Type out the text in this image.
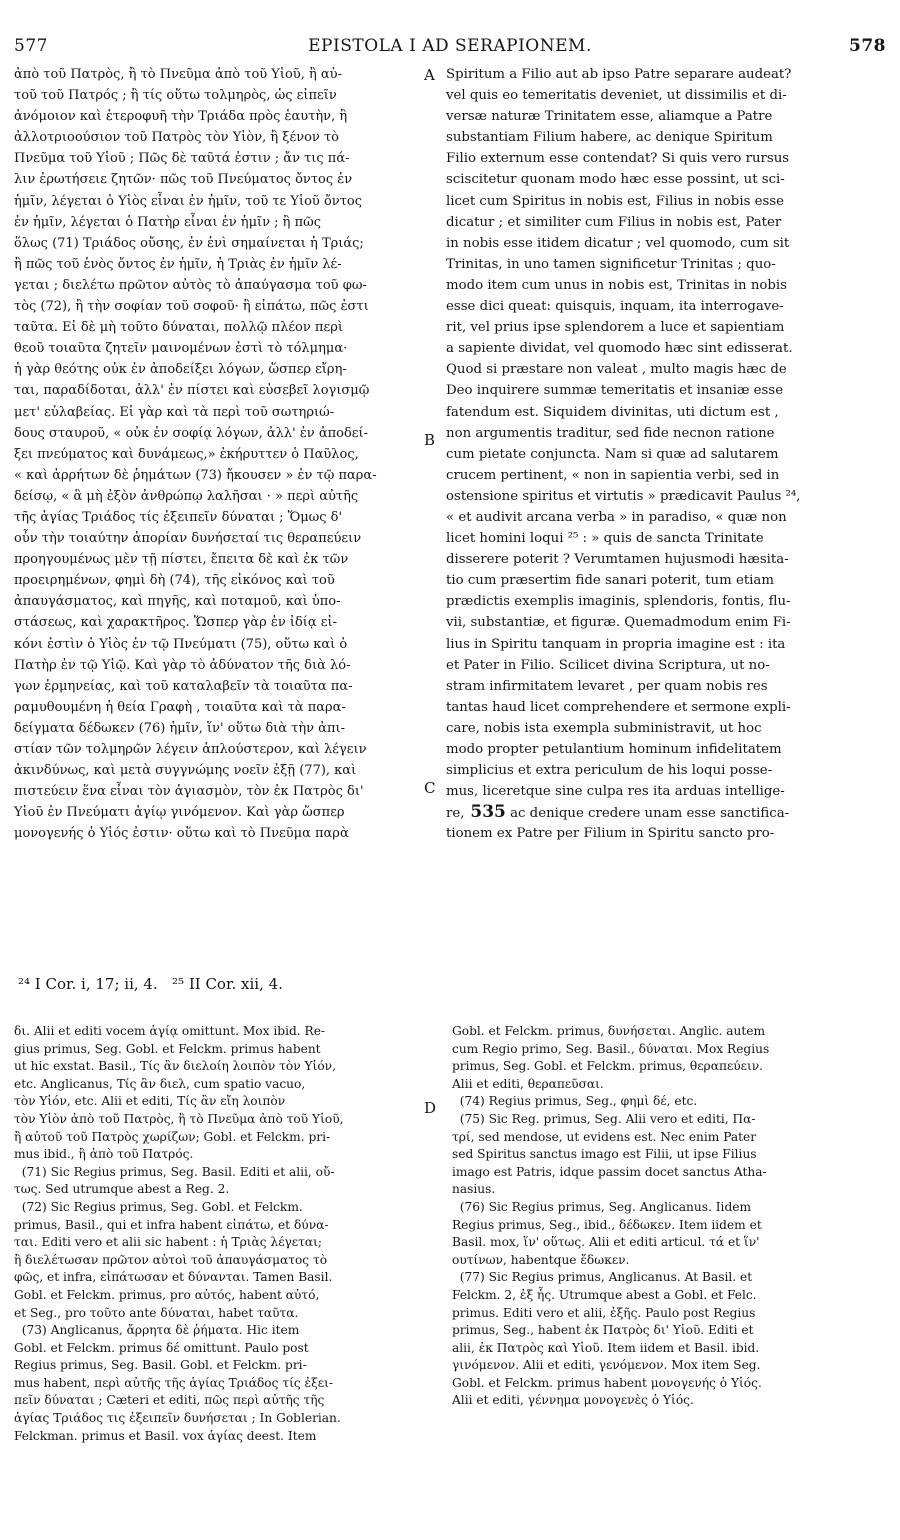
577	EPISTOLA I AD SERAPIONEM.	578
ἀπὸ τοῦ Πατρὸς, ἢ τὸ Πνεῦμα ἀπὸ τοῦ Υἱοῦ, ἢ αὐ-
τοῦ τοῦ Πατρός ; ἢ τίς οὕτω τολμηρὸς, ὡς εἰπεῖν
ἀνόμοιον καὶ ἑτεροφυῆ τὴν Τριάδα πρὸς ἑαυτὴν, ἢ
ἀλλοτριοούσιον τοῦ Πατρὸς τὸν Υἱὸν, ἢ ξένον τὸ
Πνεῦμα τοῦ Υἱοῦ ; Πῶς δὲ ταῦτά ἐστιν ; ἄν τις πά-
λιν ἐρωτήσειε ζητῶν· πῶς τοῦ Πνεύματος ὄντος ἐν
ἡμῖν, λέγεται ὁ Υἱὸς εἶναι ἐν ἡμῖν, τοῦ τε Υἱοῦ ὄντος
ἐν ἡμῖν, λέγεται ὁ Πατὴρ εἶναι ἐν ἡμῖν ; ἢ πῶς
ὅλως (71) Τριάδος οὔσης, ἐν ἑνὶ σημαίνεται ἡ Τριάς;
ἢ πῶς τοῦ ἑνὸς ὄντος ἐν ἡμῖν, ἡ Τριὰς ἐν ἡμῖν λέ-
γεται ; διελέτω πρῶτον αὐτὸς τὸ ἀπαύγασμα τοῦ φω-
τὸς (72), ἢ τὴν σοφίαν τοῦ σοφοῦ· ἢ εἰπάτω, πῶς ἐστι
ταῦτα. Εἰ δὲ μὴ τοῦτο δύναται, πολλῷ πλέον περὶ
θεοῦ τοιαῦτα ζητεῖν μαινομένων ἐστὶ τὸ τόλμημα·
ἡ γὰρ θεότης οὐκ ἐν ἀποδείξει λόγων, ὥσπερ εἴρη-
ται, παραδίδοται, ἀλλ' ἐν πίστει καὶ εὐσεβεῖ λογισμῷ
μετ' εὐλαβείας. Εἰ γὰρ καὶ τὰ περὶ τοῦ σωτηριώ-
δους σταυροῦ, « οὐκ ἐν σοφίᾳ λόγων, ἀλλ' ἐν ἀποδεί-
ξει πνεύματος καὶ δυνάμεως,» ἐκήρυττεν ὁ Παῦλος,
« καὶ ἀρρήτων δὲ ῥημάτων (73) ἤκουσεν » ἐν τῷ παρα-
δείσῳ, « ἃ μὴ ἐξὸν ἀνθρώπῳ λαλῆσαι · » περὶ αὐτῆς
τῆς ἁγίας Τριάδος τίς ἐξειπεῖν δύναται ; Ὅμως δ'
οὖν τὴν τοιαύτην ἀπορίαν δυνήσεταί τις θεραπεύειν
προηγουμένως μὲν τῇ πίστει, ἔπειτα δὲ καὶ ἐκ τῶν
προειρημένων, φημὶ δὴ (74), τῆς εἰκόνος καὶ τοῦ
ἀπαυγάσματος, καὶ πηγῆς, καὶ ποταμοῦ, καὶ ὑπο-
στάσεως, καὶ χαρακτῆρος. Ὥσπερ γὰρ ἐν ἰδίᾳ εἰ-
κόνι ἐστὶν ὁ Υἱὸς ἐν τῷ Πνεύματι (75), οὕτω καὶ ὁ
Πατὴρ ἐν τῷ Υἱῷ. Καὶ γὰρ τὸ ἀδύνατον τῆς διὰ λό-
γων ἑρμηνείας, καὶ τοῦ καταλαβεῖν τὰ τοιαῦτα πα-
ραμυθουμένη ἡ θεία Γραφὴ , τοιαῦτα καὶ τὰ παρα-
δείγματα δέδωκεν (76) ἡμῖν, ἵν' οὕτω διὰ τὴν ἀπι-
στίαν τῶν τολμηρῶν λέγειν ἁπλούστερον, καὶ λέγειν
ἀκινδύνως, καὶ μετὰ συγγνώμης νοεῖν ἐξῇ (77), καὶ
πιστεύειν ἕνα εἶναι τὸν ἁγιασμὸν, τὸν ἐκ Πατρὸς δι'
Υἱοῦ ἐν Πνεύματι ἁγίῳ γινόμενον. Καὶ γὰρ ὥσπερ
μονογενής ὁ Υἱός ἐστιν· οὕτω καὶ τὸ Πνεῦμα παρὰ
Spiritum a Filio aut ab ipso Patre separare audeat?
vel quis eo temeritatis deveniet, ut dissimilis et di-
versæ naturæ Trinitatem esse, aliamque a Patre
substantiam Filium habere, ac denique Spiritum
Filio externum esse contendat? Si quis vero rursus
sciscitetur quonam modo hæc esse possint, ut sci-
licet cum Spiritus in nobis est, Filius in nobis esse
dicatur ; et similiter cum Filius in nobis est, Pater
in nobis esse itidem dicatur ; vel quomodo, cum sit
Trinitas, in uno tamen significetur Trinitas ; quo-
modo item cum unus in nobis est, Trinitas in nobis
esse dici queat: quisquis, inquam, ita interrogave-
rit, vel prius ipse splendorem a luce et sapientiam
a sapiente dividat, vel quomodo hæc sint edisserat.
Quod si præstare non valeat , multo magis hæc de
Deo inquirere summæ temeritatis et insaniæ esse
fatendum est. Siquidem divinitas, uti dictum est ,
non argumentis traditur, sed fide necnon ratione
cum pietate conjuncta. Nam si quæ ad salutarem
crucem pertinent, « non in sapientia verbi, sed in
ostensione spiritus et virtutis » prædicavit Paulus ²⁴,
« et audivit arcana verba » in paradiso, « quæ non
licet homini loqui ²⁵ : » quis de sancta Trinitate
disserere poterit ? Verumtamen hujusmodi hæsita-
tio cum præsertim fide sanari poterit, tum etiam
prædictis exemplis imaginis, splendoris, fontis, flu-
vii, substantiæ, et figuræ. Quemadmodum enim Fi-
lius in Spiritu tanquam in propria imagine est : ita
et Pater in Filio. Scilicet divina Scriptura, ut no-
stram infirmitatem levaret , per quam nobis res
tantas haud licet comprehendere et sermone expli-
care, nobis ista exempla subministravit, ut hoc
modo propter petulantium hominum infidelitatem
simplicius et extra periculum de his loqui posse-
mus, liceretque sine culpa res ita arduas intellige-
re, 535 ac denique credere unam esse sanctifica-
tionem ex Patre per Filium in Spiritu sancto pro-
A
B
C
D
²⁴ I Cor. i, 17; ii, 4.   ²⁵ II Cor. xii, 4.
δι. Alii et editi vocem ἁγίᾳ omittunt. Mox ibid. Re-
gius primus, Seg. Gobl. et Felckm. primus habent
ut hic exstat. Basil., Τίς ἂν διελοίη λοιπὸν τὸν Υἱόν,
etc. Anglicanus, Τίς ἂν διελ, cum spatio vacuo,
τὸν Υἱόν, etc. Alii et editi, Τίς ἂν εἴη λοιπὸν
τὸν Υἱὸν ἀπὸ τοῦ Πατρὸς, ἢ τὸ Πνεῦμα ἀπὸ τοῦ Υἱοῦ,
ἢ αὐτοῦ τοῦ Πατρὸς χωρίζων; Gobl. et Felckm. pri-
mus ibid., ἢ ἀπὸ τοῦ Πατρός.
(71) Sic Regius primus, Seg. Basil. Editi et alii, οὔ-
τως. Sed utrumque abest a Reg. 2.
(72) Sic Regius primus, Seg. Gobl. et Felckm.
primus, Basil., qui et infra habent εἰπάτω, et δύνα-
ται. Editi vero et alii sic habent : ἡ Τριὰς λέγεται;
ἢ διελέτωσαν πρῶτον αὐτοὶ τοῦ ἀπαυγάσματος τὸ
φῶς, et infra, εἰπάτωσαν et δύνανται. Tamen Basil.
Gobl. et Felckm. primus, pro αὐτός, habent αὐτό,
et Seg., pro τοῦτο ante δύναται, habet ταῦτα.
(73) Anglicanus, ἄρρητα δὲ ῥήματα. Hic item
Gobl. et Felckm. primus δέ omittunt. Paulo post
Regius primus, Seg. Basil. Gobl. et Felckm. pri-
mus habent, περὶ αὐτῆς τῆς ἁγίας Τριάδος τίς ἐξει-
πεῖν δύναται ; Cæteri et editi, πῶς περὶ αὐτῆς τῆς
ἁγίας Τριάδος τις ἐξειπεῖν δυνήσεται ; In Goblerian.
Felckman. primus et Basil. vox ἁγίας deest. Item
Gobl. et Felckm. primus, δυνήσεται. Anglic. autem
cum Regio primo, Seg. Basil., δύναται. Mox Regius
primus, Seg. Gobl. et Felckm. primus, θεραπεύειν.
Alii et editi, θεραπεῦσαι.
(74) Regius primus, Seg., φημὶ δέ, etc.
(75) Sic Reg. primus, Seg. Alii vero et editi, Πα-
τρί, sed mendose, ut evidens est. Nec enim Pater
sed Spiritus sanctus imago est Filii, ut ipse Filius
imago est Patris, idque passim docet sanctus Atha-
nasius.
(76) Sic Regius primus, Seg. Anglicanus. Iidem
Regius primus, Seg., ibid., δέδωκεν. Item iidem et
Basil. mox, ἵν' οὕτως. Alii et editi articul. τά et ἵν'
ουτίνων, habentque ἔδωκεν.
(77) Sic Regius primus, Anglicanus. At Basil. et
Felckm. 2, ἐξ ἧς. Utrumque abest a Gobl. et Felc.
primus. Editi vero et alii, ἐξῆς. Paulo post Regius
primus, Seg., habent ἐκ Πατρὸς δι' Υἱοῦ. Editi et
alii, ἐκ Πατρὸς καὶ Υἱοῦ. Item iidem et Basil. ibid.
γινόμενον. Alii et editi, γενόμενον. Mox item Seg.
Gobl. et Felckm. primus habent μονογενής ὁ Υἱός.
Alii et editi, γέννημα μονογενὲς ὁ Υἱός.
